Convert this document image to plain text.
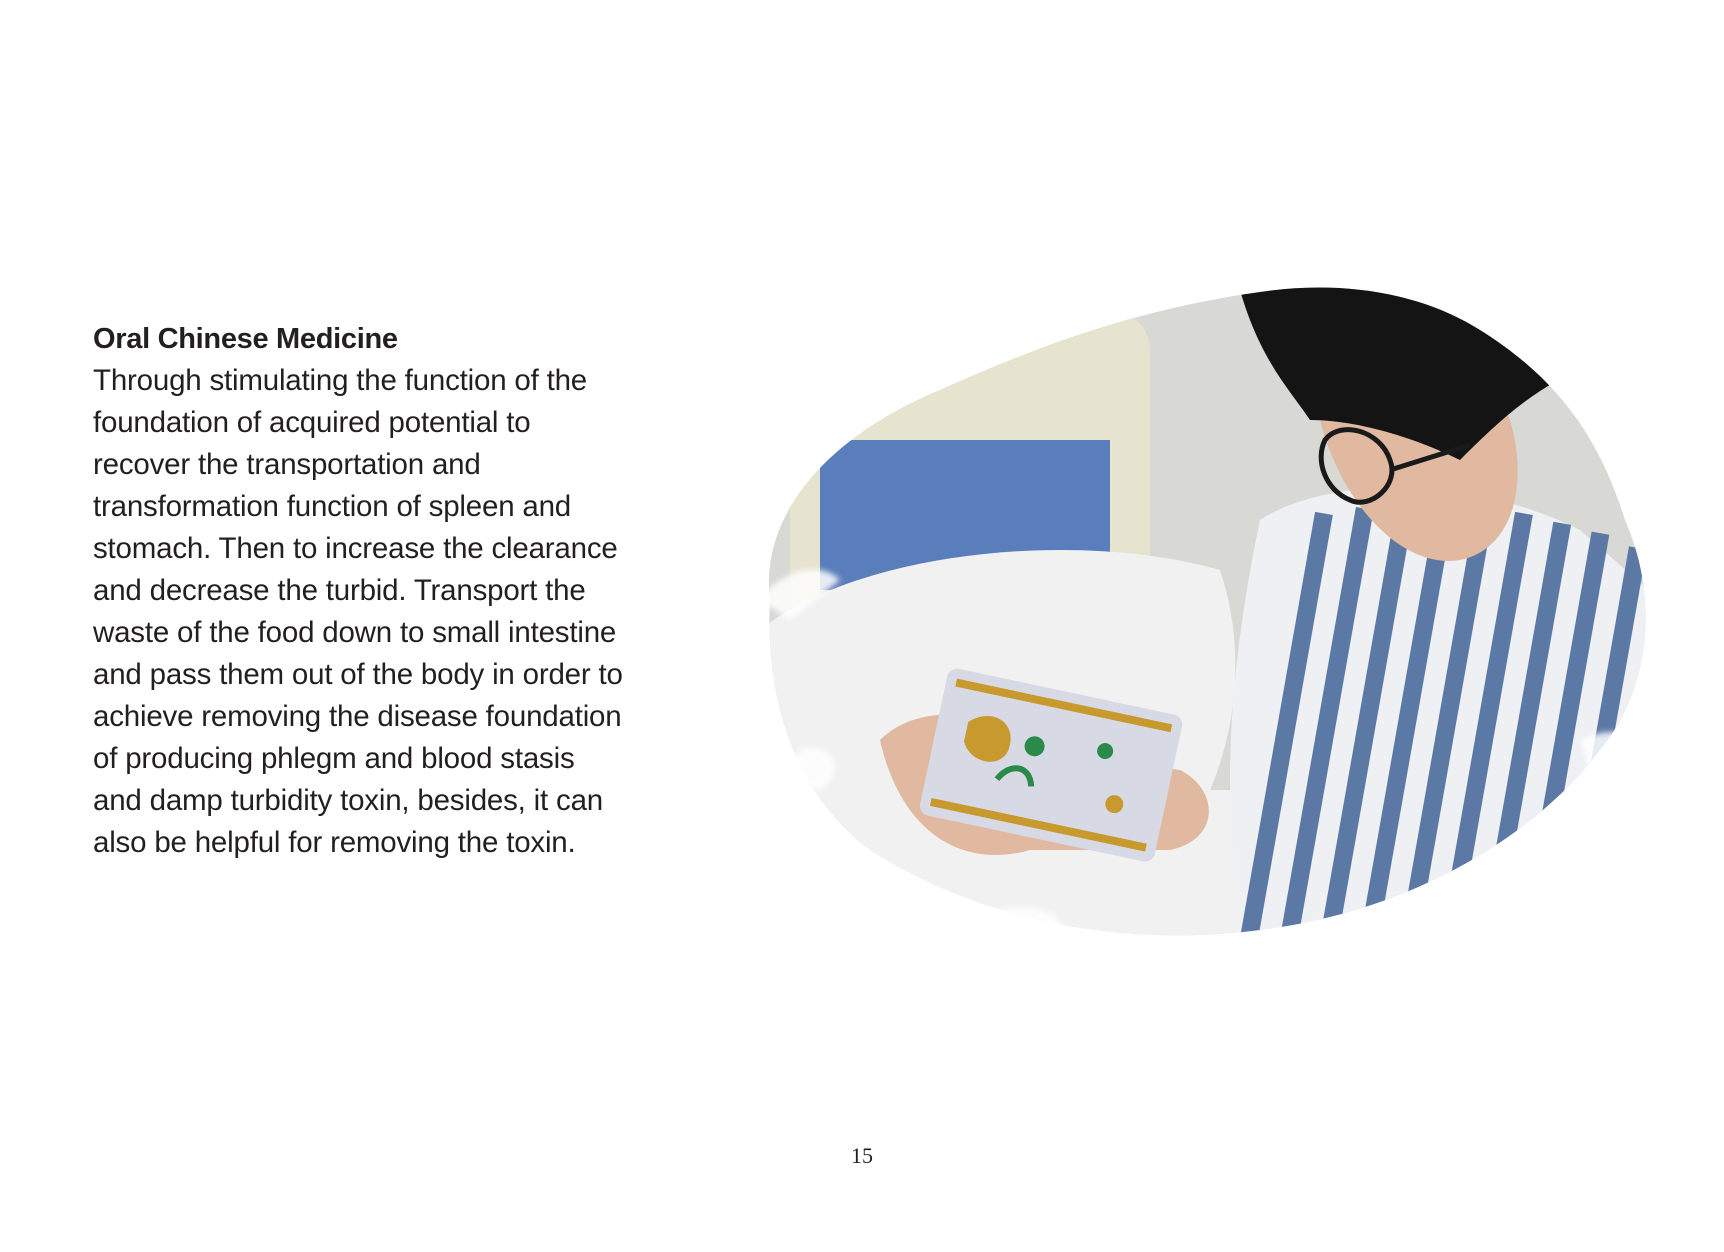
Oral Chinese Medicine
Through stimulating the function of the
foundation of acquired potential to
recover the transportation and
transformation function of spleen and
stomach. Then to increase the clearance
and decrease the turbid. Transport the
waste of the food down to small intestine
and pass them out of the body in order to
achieve removing the disease foundation
of producing phlegm and blood stasis
and damp turbidity toxin, besides, it can
also be helpful for removing the toxin.
15
